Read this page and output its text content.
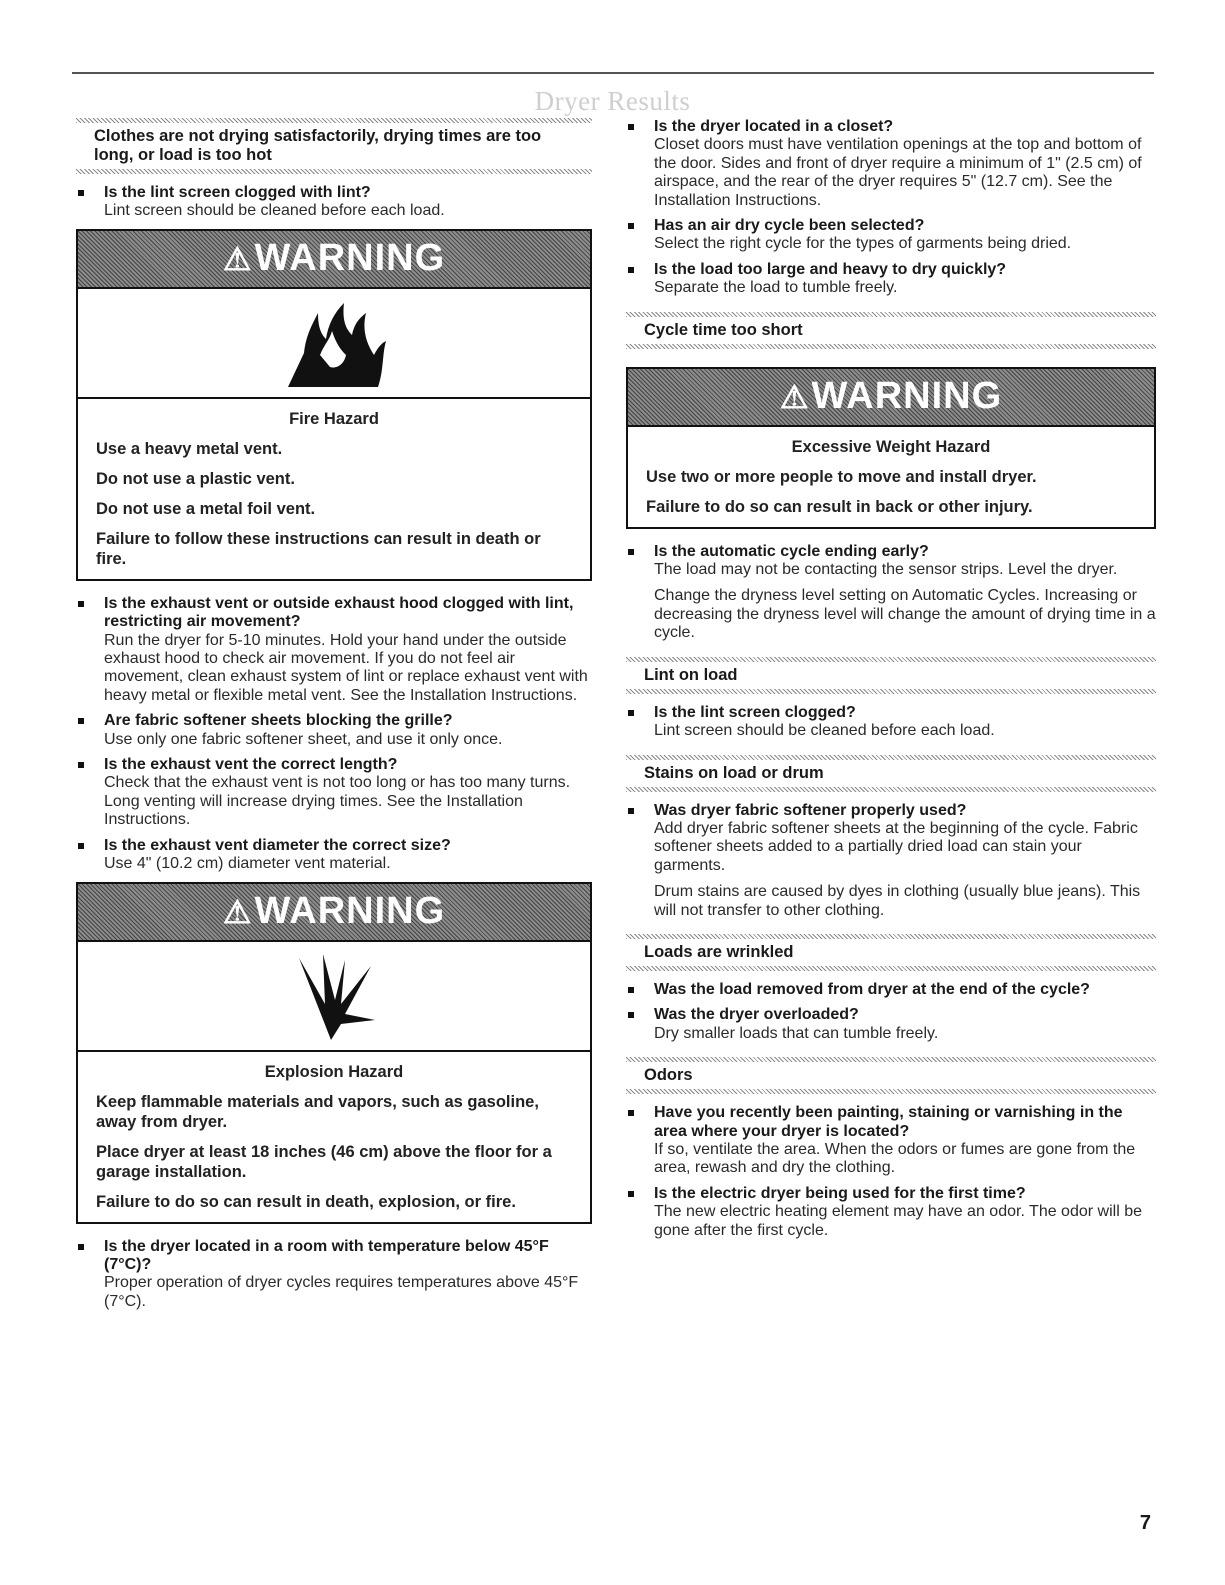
Dryer Results
Clothes are not drying satisfactorily, drying times are too long, or load is too hot
Is the lint screen clogged with lint?
Lint screen should be cleaned before each load.
⚠WARNING
Fire Hazard
Use a heavy metal vent.
Do not use a plastic vent.
Do not use a metal foil vent.
Failure to follow these instructions can result in death or fire.
Is the exhaust vent or outside exhaust hood clogged with lint, restricting air movement?
Run the dryer for 5-10 minutes. Hold your hand under the outside exhaust hood to check air movement. If you do not feel air movement, clean exhaust system of lint or replace exhaust vent with heavy metal or flexible metal vent. See the Installation Instructions.
Are fabric softener sheets blocking the grille?
Use only one fabric softener sheet, and use it only once.
Is the exhaust vent the correct length?
Check that the exhaust vent is not too long or has too many turns. Long venting will increase drying times. See the Installation Instructions.
Is the exhaust vent diameter the correct size?
Use 4" (10.2 cm) diameter vent material.
⚠WARNING
Explosion Hazard
Keep flammable materials and vapors, such as gasoline, away from dryer.
Place dryer at least 18 inches (46 cm) above the floor for a garage installation.
Failure to do so can result in death, explosion, or fire.
Is the dryer located in a room with temperature below 45°F (7°C)?
Proper operation of dryer cycles requires temperatures above 45°F (7°C).
Is the dryer located in a closet?
Closet doors must have ventilation openings at the top and bottom of the door. Sides and front of dryer require a minimum of 1" (2.5 cm) of airspace, and the rear of the dryer requires 5" (12.7 cm). See the Installation Instructions.
Has an air dry cycle been selected?
Select the right cycle for the types of garments being dried.
Is the load too large and heavy to dry quickly?
Separate the load to tumble freely.
Cycle time too short
⚠WARNING
Excessive Weight Hazard
Use two or more people to move and install dryer.
Failure to do so can result in back or other injury.
Is the automatic cycle ending early?
The load may not be contacting the sensor strips. Level the dryer.
Change the dryness level setting on Automatic Cycles. Increasing or decreasing the dryness level will change the amount of drying time in a cycle.
Lint on load
Is the lint screen clogged?
Lint screen should be cleaned before each load.
Stains on load or drum
Was dryer fabric softener properly used?
Add dryer fabric softener sheets at the beginning of the cycle. Fabric softener sheets added to a partially dried load can stain your garments.
Drum stains are caused by dyes in clothing (usually blue jeans). This will not transfer to other clothing.
Loads are wrinkled
Was the load removed from dryer at the end of the cycle?
Was the dryer overloaded?
Dry smaller loads that can tumble freely.
Odors
Have you recently been painting, staining or varnishing in the area where your dryer is located?
If so, ventilate the area. When the odors or fumes are gone from the area, rewash and dry the clothing.
Is the electric dryer being used for the first time?
The new electric heating element may have an odor. The odor will be gone after the first cycle.
7
